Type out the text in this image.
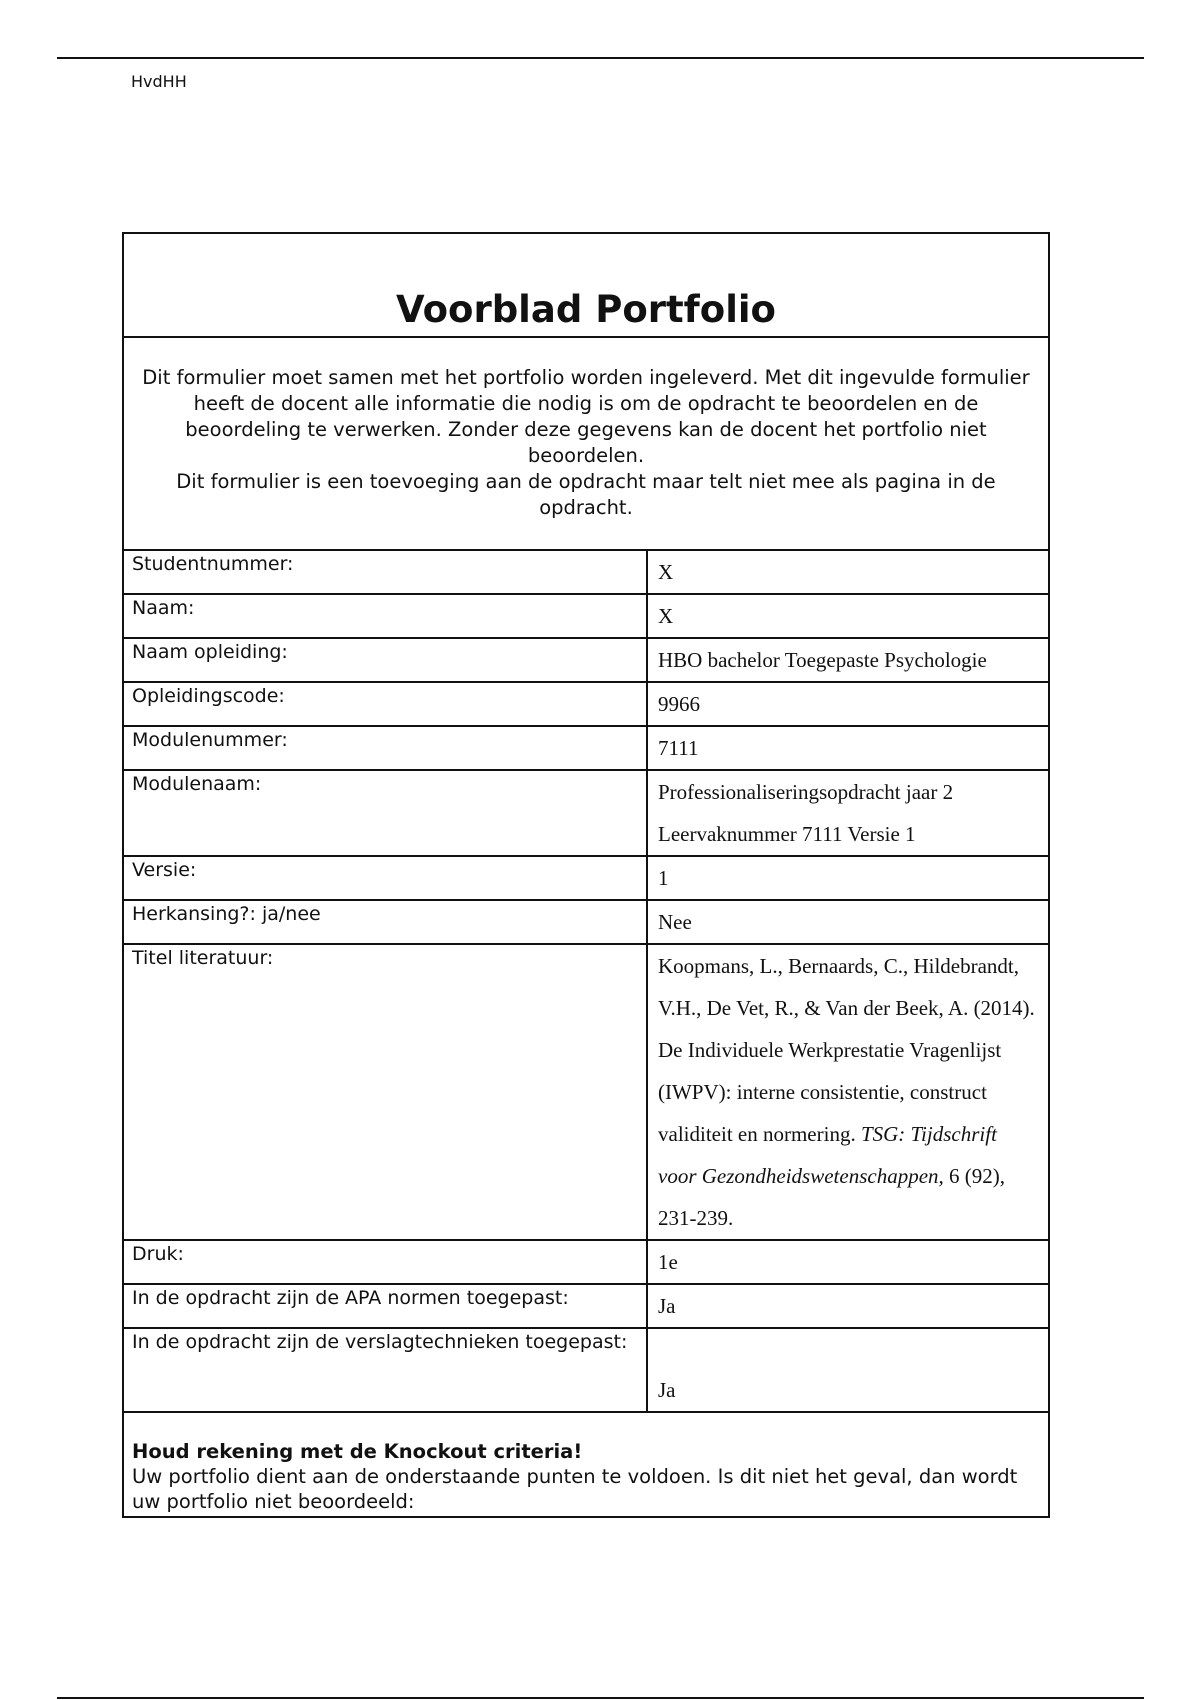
HvdHH
Voorblad Portfolio

Dit formulier moet samen met het portfolio worden ingeleverd. Met dit ingevulde formulier heeft de docent alle informatie die nodig is om de opdracht te beoordelen en de beoordeling te verwerken. Zonder deze gegevens kan de docent het portfolio niet beoordelen.

Dit formulier is een toevoeging aan de opdracht maar telt niet mee als pagina in de opdracht.

Studentnummer:	X
Naam:	X
Naam opleiding:	HBO bachelor Toegepaste Psychologie
Opleidingscode:	9966
Modulenummer:	7111
Modulenaam:	Professionaliseringsopdracht jaar 2 Leervaknummer 7111 Versie 1
Versie:	1
Herkansing?: ja/nee	Nee
Titel literatuur:	Koopmans, L., Bernaards, C., Hildebrandt, V.H., De Vet, R., & Van der Beek, A. (2014). De Individuele Werkprestatie Vragenlijst (IWPV): interne consistentie, construct validiteit en normering. TSG: Tijdschrift voor Gezondheidswetenschappen, 6 (92), 231-239.
Druk:	1e
In de opdracht zijn de APA normen toegepast:	Ja
In de opdracht zijn de verslagtechnieken toegepast:	Ja

Houd rekening met de Knockout criteria!

Uw portfolio dient aan de onderstaande punten te voldoen. Is dit niet het geval, dan wordt uw portfolio niet beoordeeld:
